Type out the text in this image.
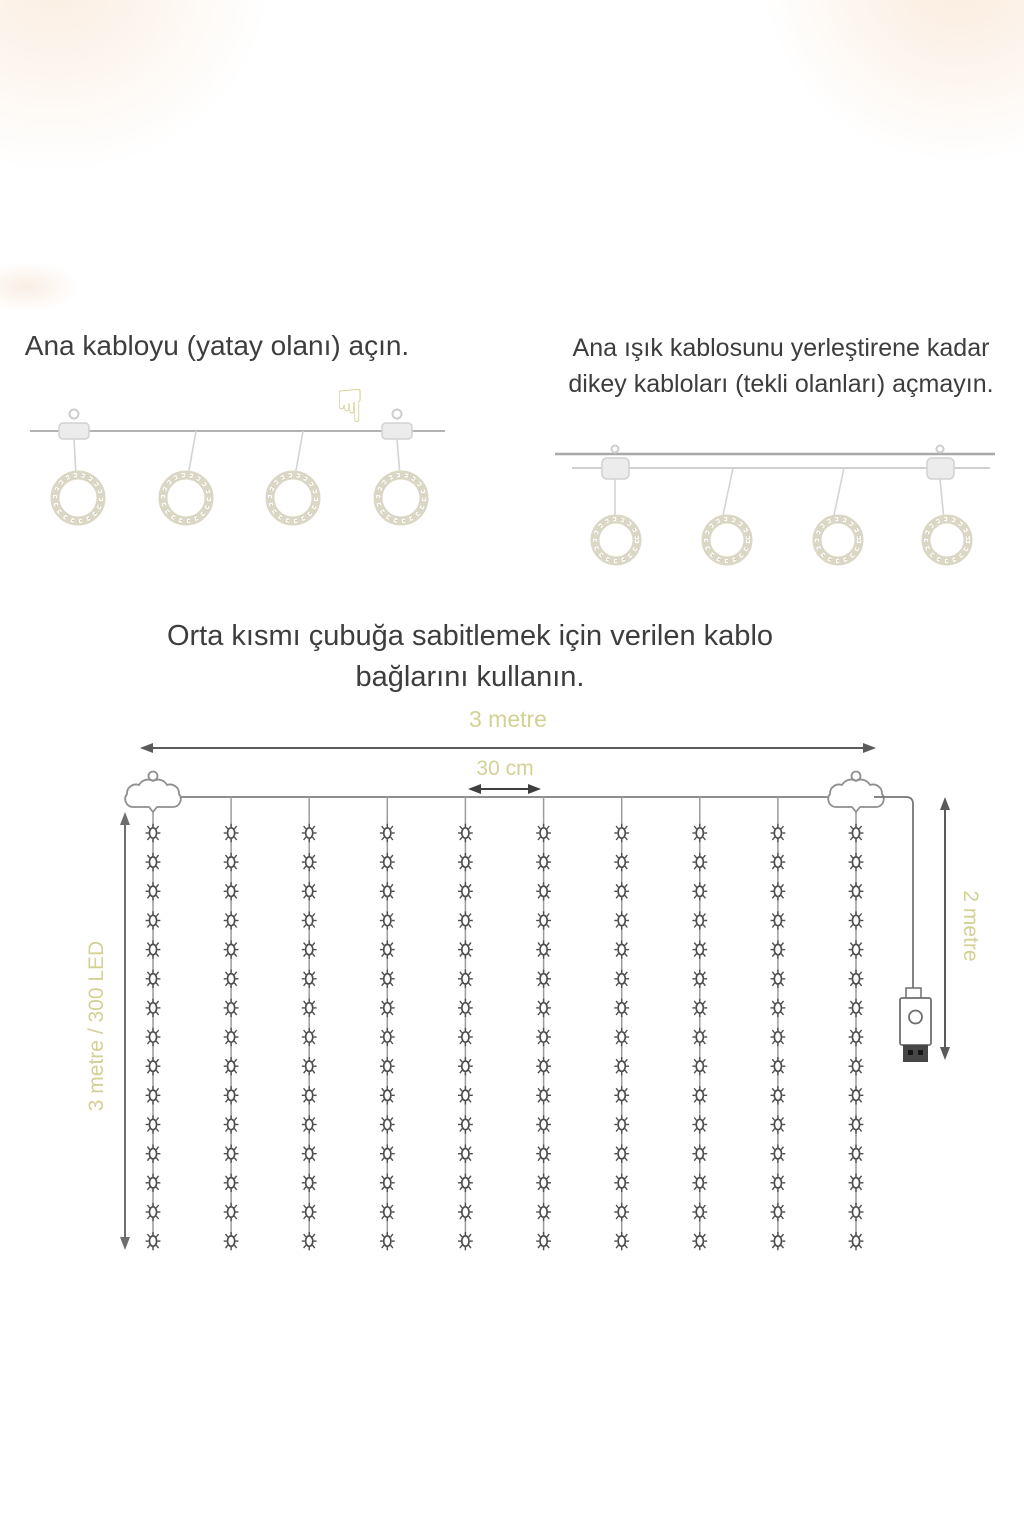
Ana kabloyu (yatay olanı) açın.	Ana ışık kablosunu yerleştirene kadar
dikey kabloları (tekli olanları) açmayın.
☟
Orta kısmı çubuğa sabitlemek için verilen kablo
bağlarını kullanın.
3 metre
30 cm
3 metre / 300 LED
2 metre
